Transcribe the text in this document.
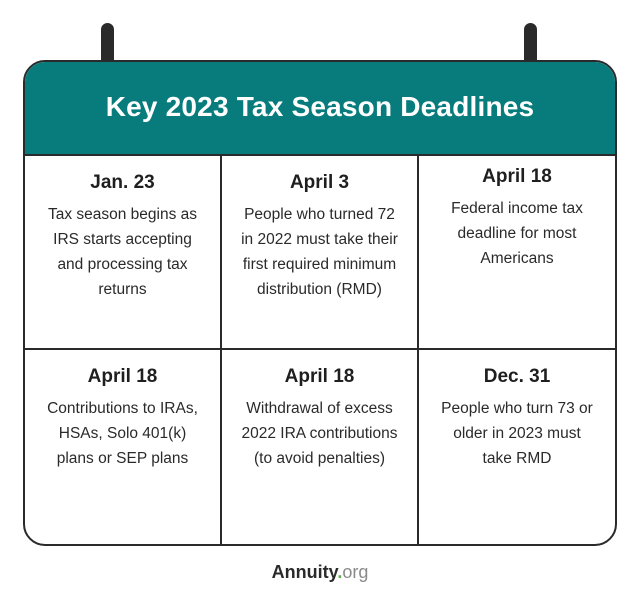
Key 2023 Tax Season Deadlines
Jan. 23
Tax season begins as IRS starts accepting and processing tax returns
April 3
People who turned 72 in 2022 must take their first required minimum distribution (RMD)
April 18
Federal income tax deadline for most Americans
April 18
Contributions to IRAs, HSAs, Solo 401(k) plans or SEP plans
April 18
Withdrawal of excess 2022 IRA contributions (to avoid penalties)
Dec. 31
People who turn 73 or older in 2023 must take RMD
Annuity.org
